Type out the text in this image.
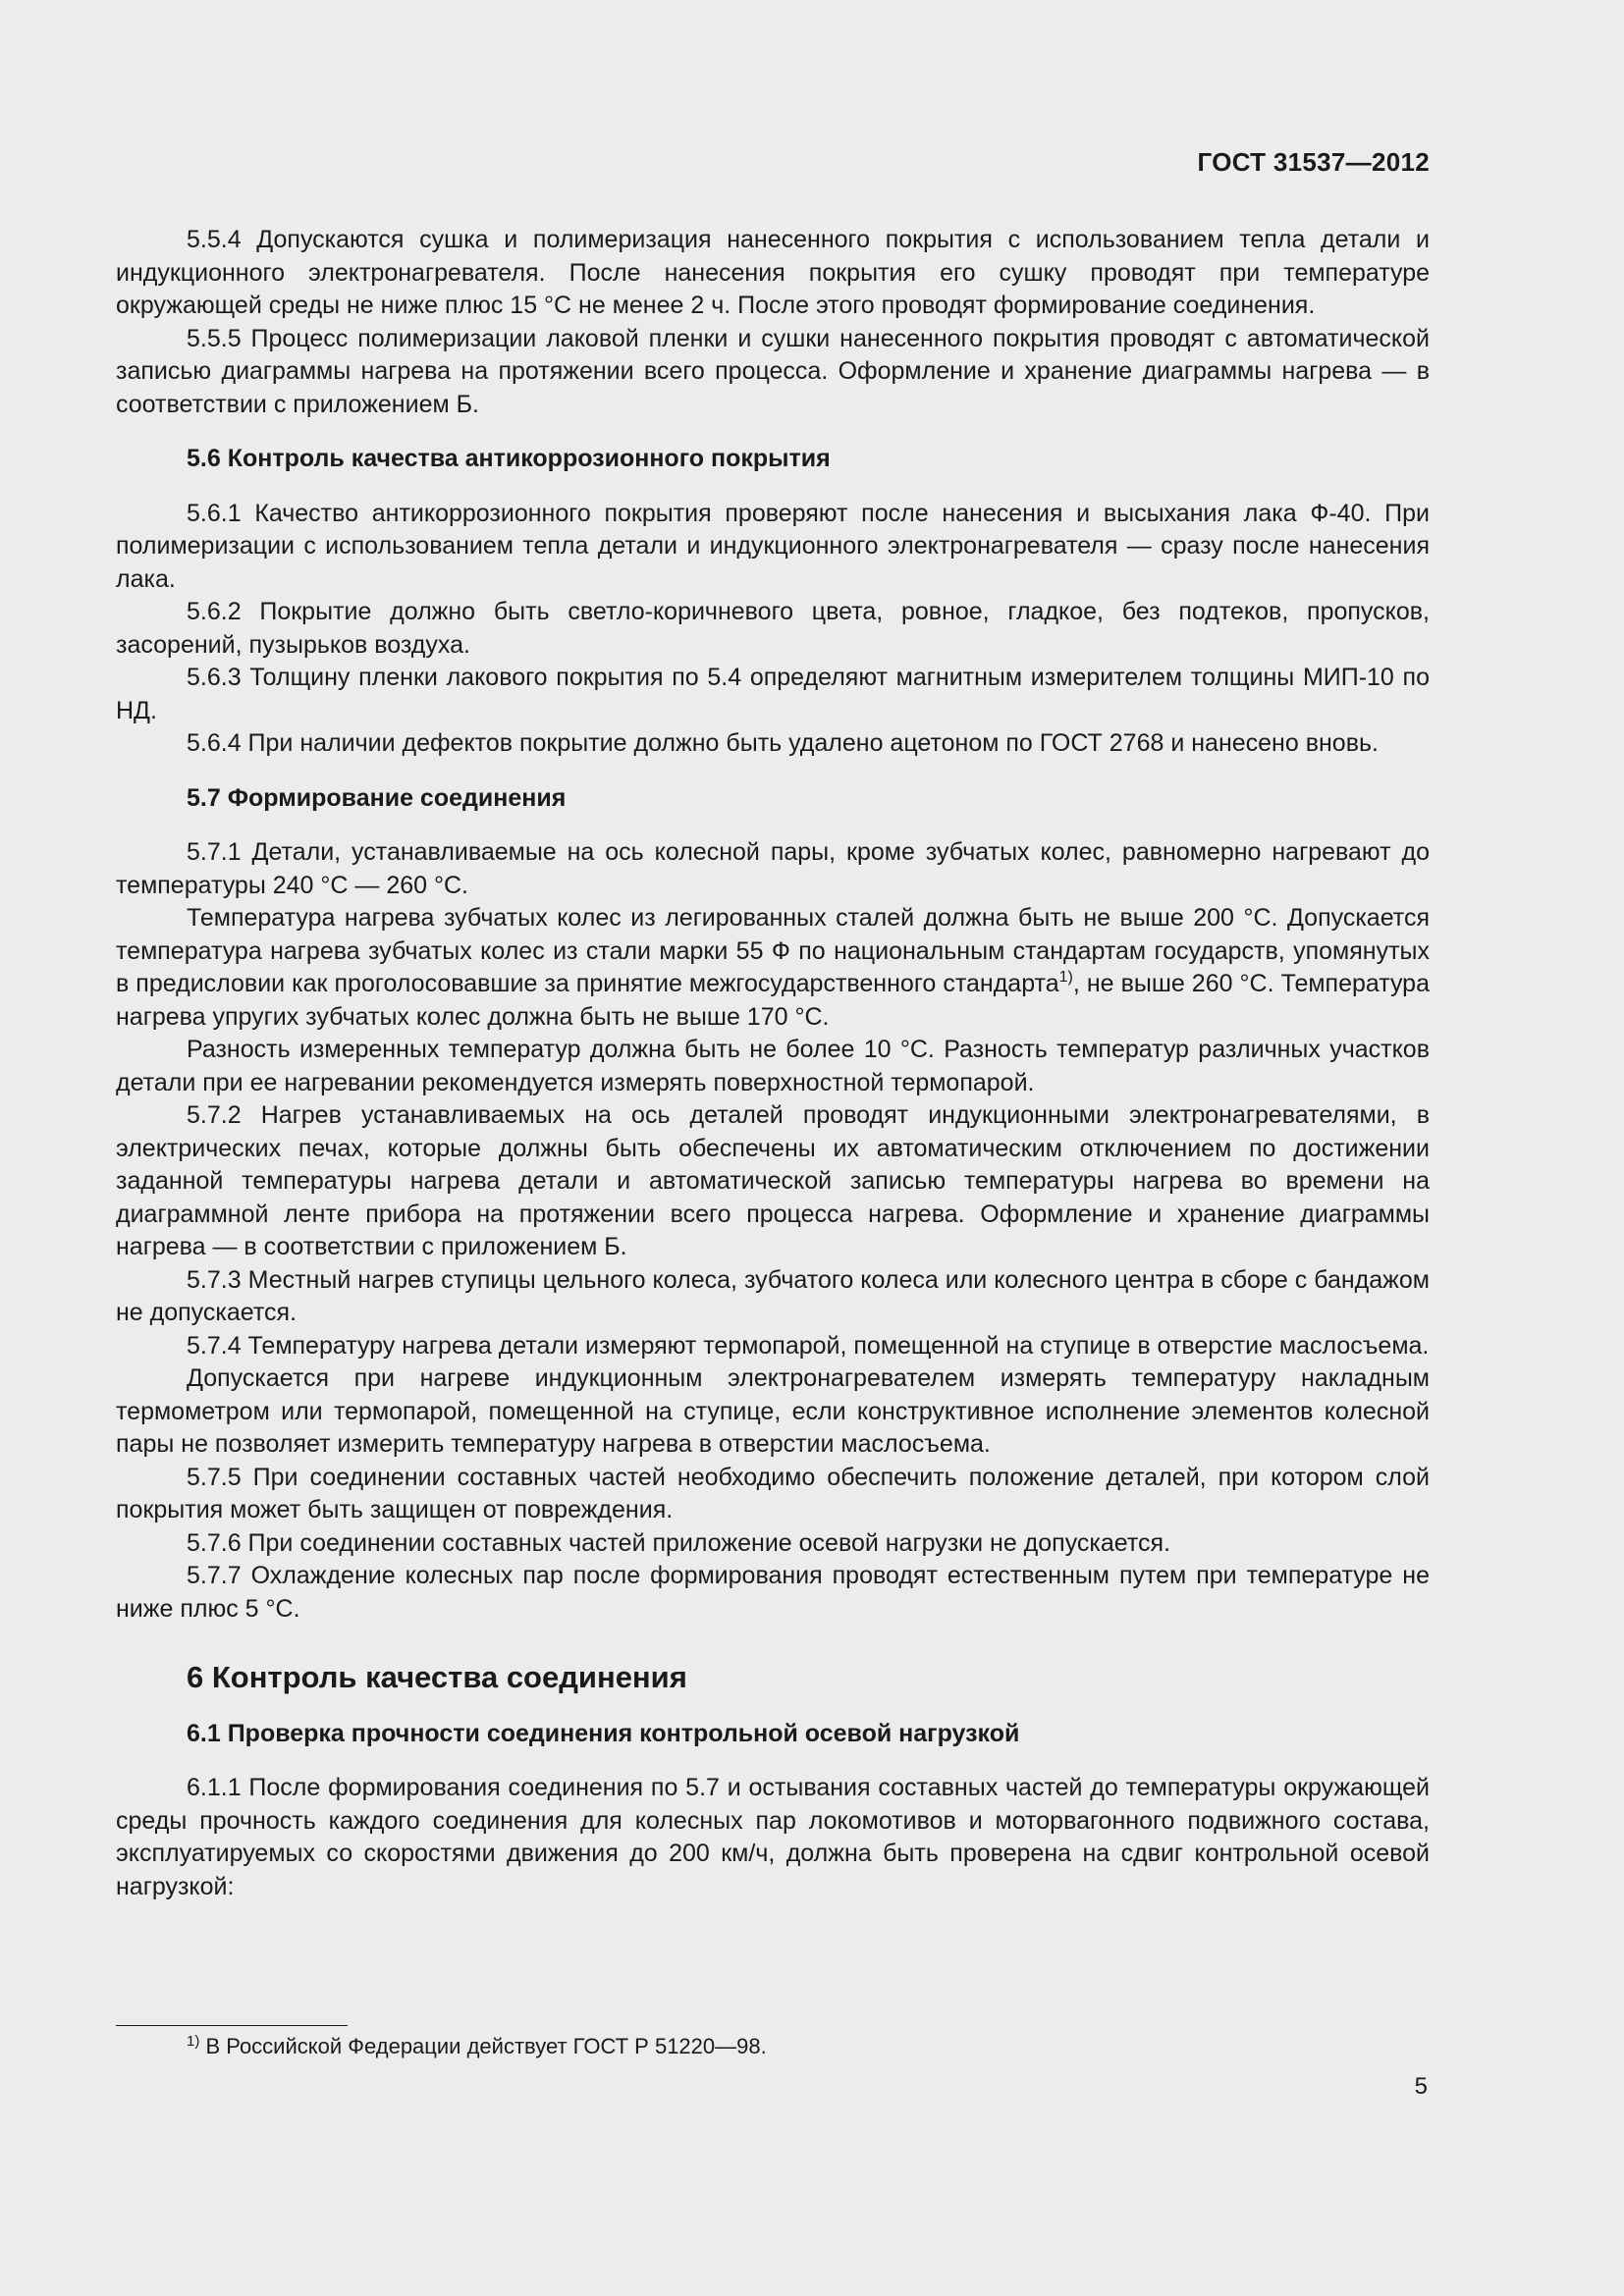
ГОСТ 31537—2012

5.5.4 Допускаются сушка и полимеризация нанесенного покрытия с использованием тепла детали и индукционного электронагревателя. После нанесения покрытия его сушку проводят при температуре окружающей среды не ниже плюс 15 °С не менее 2 ч. После этого проводят формирование соединения.

5.5.5 Процесс полимеризации лаковой пленки и сушки нанесенного покрытия проводят с автоматической записью диаграммы нагрева на протяжении всего процесса. Оформление и хранение диаграммы нагрева — в соответствии с приложением Б.

5.6 Контроль качества антикоррозионного покрытия

5.6.1 Качество антикоррозионного покрытия проверяют после нанесения и высыхания лака Ф-40. При полимеризации с использованием тепла детали и индукционного электронагревателя — сразу после нанесения лака.

5.6.2 Покрытие должно быть светло-коричневого цвета, ровное, гладкое, без подтеков, пропусков, засорений, пузырьков воздуха.

5.6.3 Толщину пленки лакового покрытия по 5.4 определяют магнитным измерителем толщины МИП-10 по НД.

5.6.4 При наличии дефектов покрытие должно быть удалено ацетоном по ГОСТ 2768 и нанесено вновь.

5.7 Формирование соединения

5.7.1 Детали, устанавливаемые на ось колесной пары, кроме зубчатых колес, равномерно нагревают до температуры 240 °С — 260 °С.

Температура нагрева зубчатых колес из легированных сталей должна быть не выше 200 °С. Допускается температура нагрева зубчатых колес из стали марки 55 Ф по национальным стандартам государств, упомянутых в предисловии как проголосовавшие за принятие межгосударственного стандарта$^{1)}$, не выше 260 °С. Температура нагрева упругих зубчатых колес должна быть не выше 170 °С.

Разность измеренных температур должна быть не более 10 °С. Разность температур различных участков детали при ее нагревании рекомендуется измерять поверхностной термопарой.

5.7.2 Нагрев устанавливаемых на ось деталей проводят индукционными электронагревателями, в электрических печах, которые должны быть обеспечены их автоматическим отключением по достижении заданной температуры нагрева детали и автоматической записью температуры нагрева во времени на диаграммной ленте прибора на протяжении всего процесса нагрева. Оформление и хранение диаграммы нагрева — в соответствии с приложением Б.

5.7.3 Местный нагрев ступицы цельного колеса, зубчатого колеса или колесного центра в сборе с бандажом не допускается.

5.7.4 Температуру нагрева детали измеряют термопарой, помещенной на ступице в отверстие маслосъема.

Допускается при нагреве индукционным электронагревателем измерять температуру накладным термометром или термопарой, помещенной на ступице, если конструктивное исполнение элементов колесной пары не позволяет измерить температуру нагрева в отверстии маслосъема.

5.7.5 При соединении составных частей необходимо обеспечить положение деталей, при котором слой покрытия может быть защищен от повреждения.

5.7.6 При соединении составных частей приложение осевой нагрузки не допускается.

5.7.7 Охлаждение колесных пар после формирования проводят естественным путем при температуре не ниже плюс 5 °С.

6 Контроль качества соединения

6.1 Проверка прочности соединения контрольной осевой нагрузкой

6.1.1 После формирования соединения по 5.7 и остывания составных частей до температуры окружающей среды прочность каждого соединения для колесных пар локомотивов и моторвагонного подвижного состава, эксплуатируемых со скоростями движения до 200 км/ч, должна быть проверена на сдвиг контрольной осевой нагрузкой:

$^{1)}$ В Российской Федерации действует ГОСТ Р 51220—98.
5
